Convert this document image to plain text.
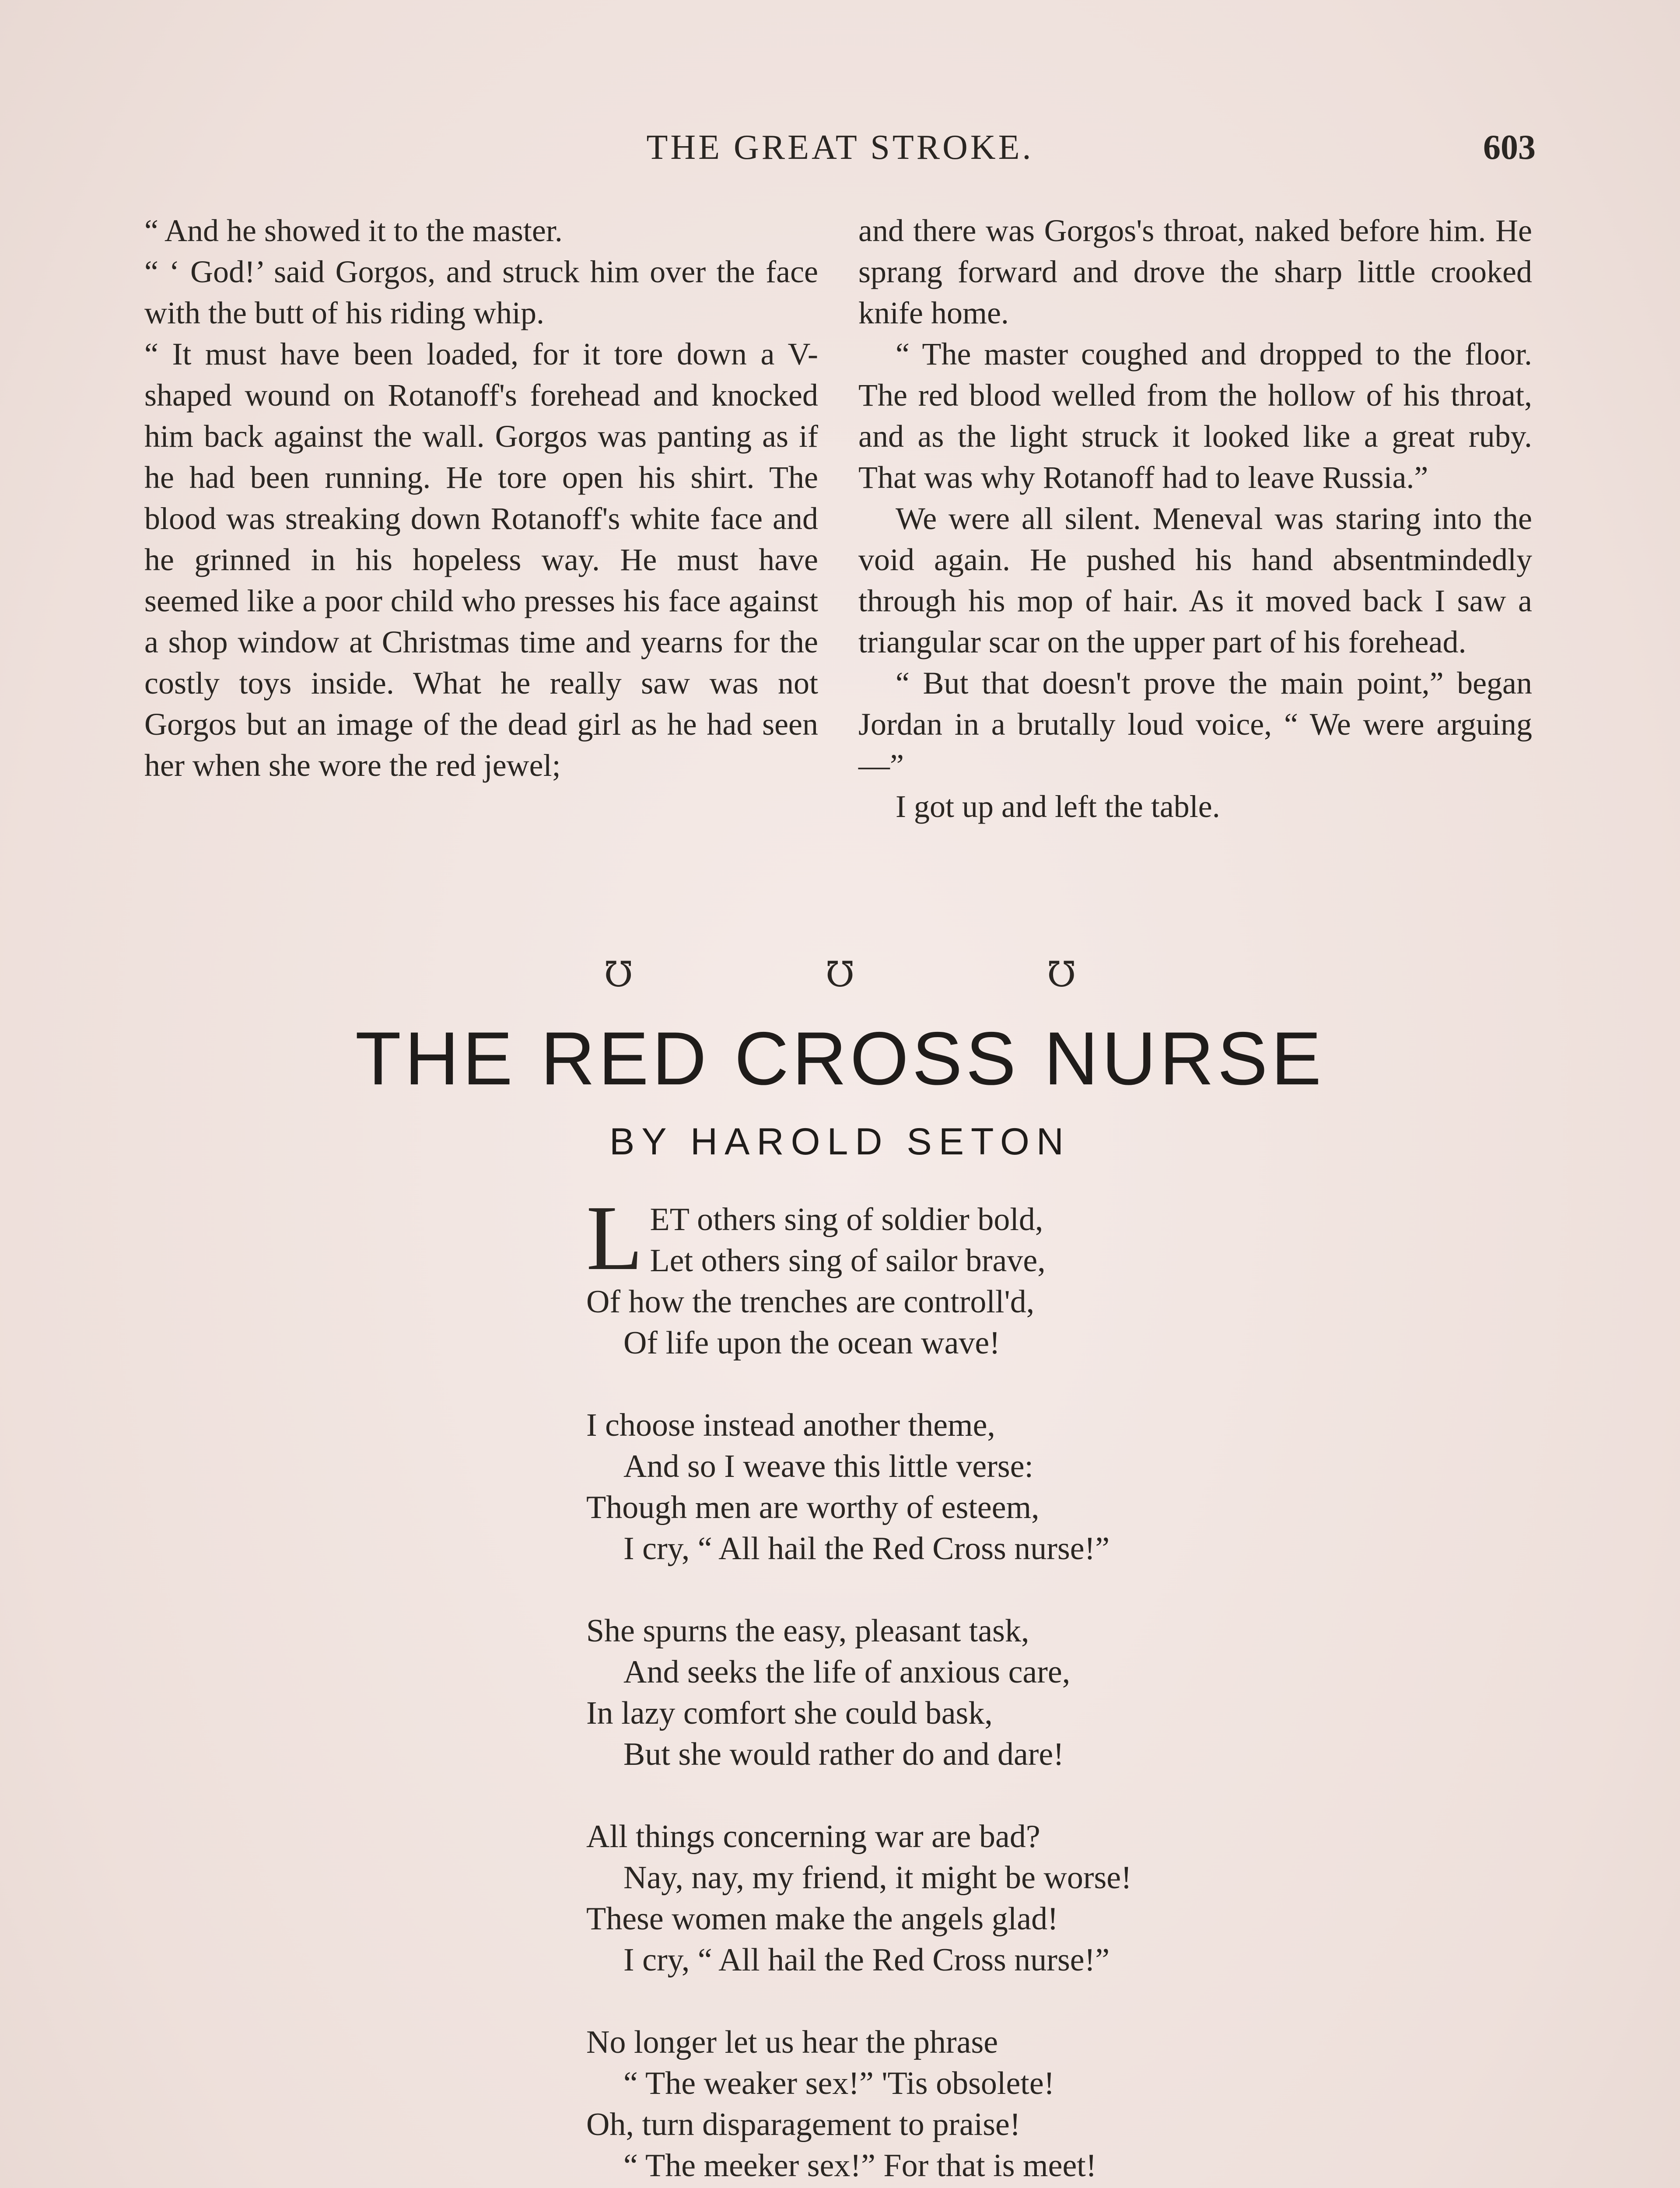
THE GREAT STROKE.	603

“ And he showed it to the master.

“ ‘ God!’ said Gorgos, and struck him over the face with the butt of his riding whip.

“ It must have been loaded, for it tore down a V-shaped wound on Rotanoff's forehead and knocked him back against the wall. Gorgos was panting as if he had been running. He tore open his shirt. The blood was streaking down Rotanoff's white face and he grinned in his hopeless way. He must have seemed like a poor child who presses his face against a shop window at Christmas time and yearns for the costly toys inside. What he really saw was not Gorgos but an image of the dead girl as he had seen her when she wore the red jewel;

and there was Gorgos's throat, naked before him. He sprang forward and drove the sharp little crooked knife home.

“ The master coughed and dropped to the floor. The red blood welled from the hollow of his throat, and as the light struck it looked like a great ruby. That was why Rotanoff had to leave Russia.”

We were all silent. Meneval was staring into the void again. He pushed his hand absentmindedly through his mop of hair. As it moved back I saw a triangular scar on the upper part of his forehead.

“ But that doesn't prove the main point,” began Jordan in a brutally loud voice, “ We were arguing—”

I got up and left the table.

℧	℧	℧
THE RED CROSS NURSE
BY HAROLD SETON
LET others sing of soldier bold,
Let others sing of sailor brave,
Of how the trenches are controll'd,
Of life upon the ocean wave!
I choose instead another theme,
And so I weave this little verse:
Though men are worthy of esteem,
I cry, “ All hail the Red Cross nurse!”
She spurns the easy, pleasant task,
And seeks the life of anxious care,
In lazy comfort she could bask,
But she would rather do and dare!
All things concerning war are bad?
Nay, nay, my friend, it might be worse!
These women make the angels glad!
I cry, “ All hail the Red Cross nurse!”
No longer let us hear the phrase
“ The weaker sex!” 'Tis obsolete!
Oh, turn disparagement to praise!
“ The meeker sex!” For that is meet!
